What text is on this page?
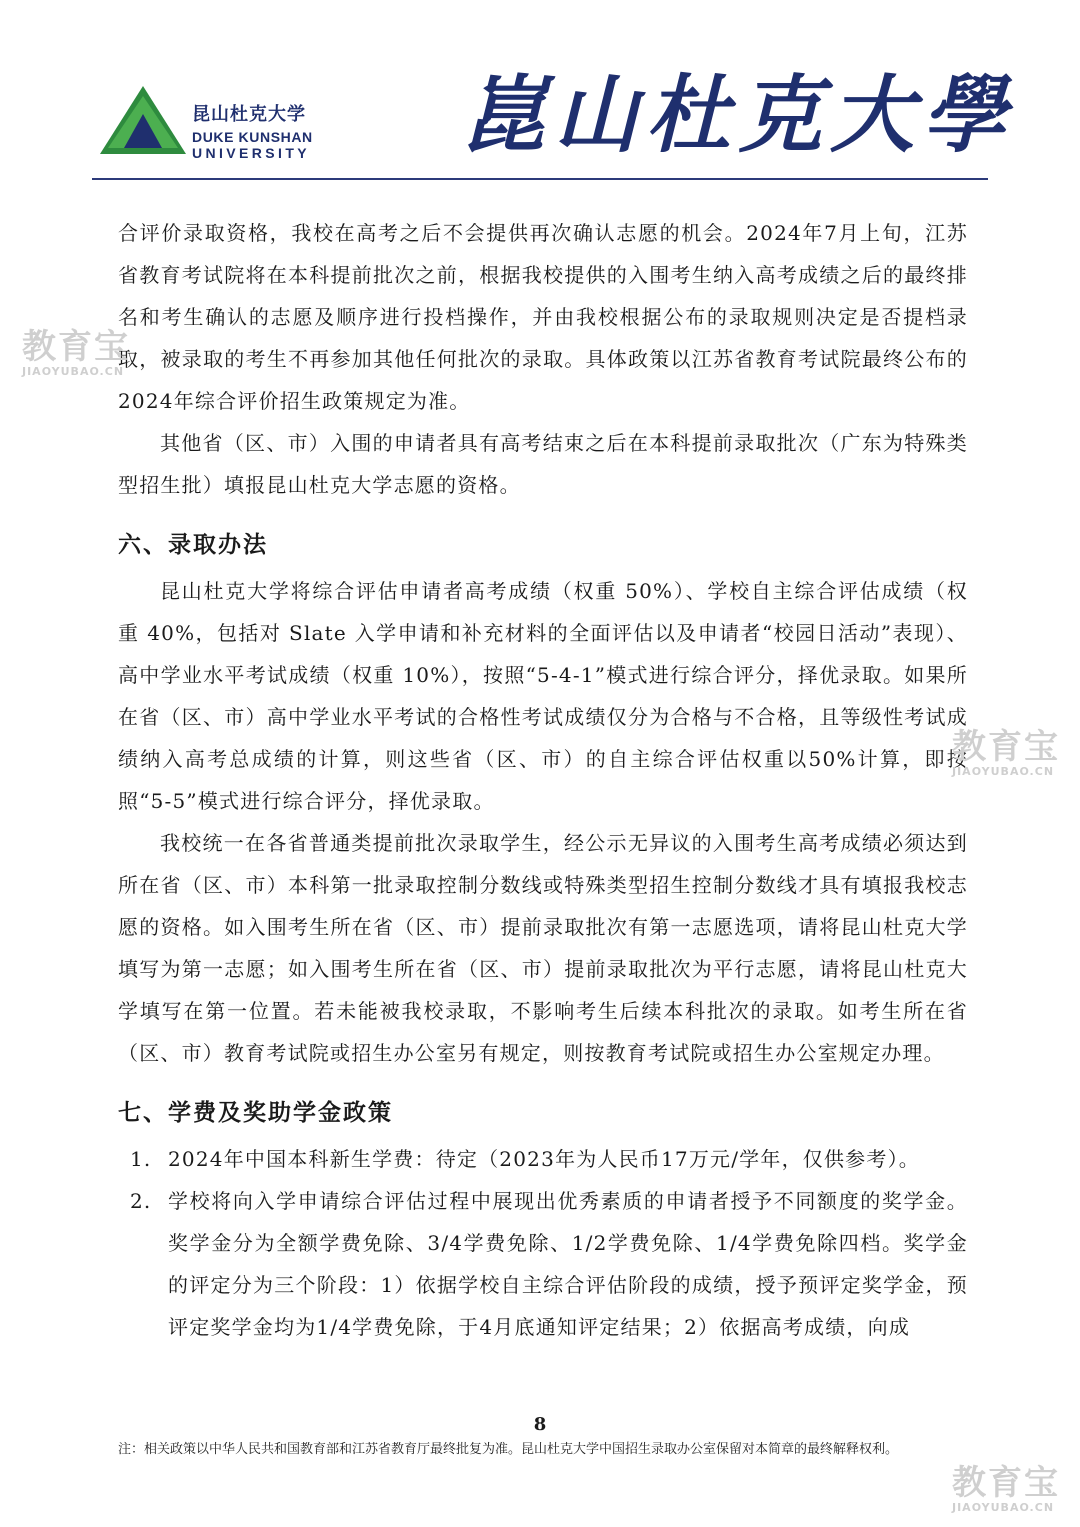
昆山杜克大学
DUKE KUNSHAN
UNIVERSITY 崑山杜克大學

合评价录取资格，我校在高考之后不会提供再次确认志愿的机会。2024年7月上旬，江苏省教育考试院将在本科提前批次之前，根据我校提供的入围考生纳入高考成绩之后的最终排名和考生确认的志愿及顺序进行投档操作，并由我校根据公布的录取规则决定是否提档录取，被录取的考生不再参加其他任何批次的录取。具体政策以江苏省教育考试院最终公布的2024年综合评价招生政策规定为准。

其他省（区、市）入围的申请者具有高考结束之后在本科提前录取批次（广东为特殊类型招生批）填报昆山杜克大学志愿的资格。

六、录取办法

昆山杜克大学将综合评估申请者高考成绩（权重 50%）、学校自主综合评估成绩（权重 40%，包括对 Slate 入学申请和补充材料的全面评估以及申请者“校园日活动”表现）、高中学业水平考试成绩（权重 10%），按照“5-4-1”模式进行综合评分，择优录取。如果所在省（区、市）高中学业水平考试的合格性考试成绩仅分为合格与不合格，且等级性考试成绩纳入高考总成绩的计算，则这些省（区、市）的自主综合评估权重以50%计算，即按照“5-5”模式进行综合评分，择优录取。

我校统一在各省普通类提前批次录取学生，经公示无异议的入围考生高考成绩必须达到所在省（区、市）本科第一批录取控制分数线或特殊类型招生控制分数线才具有填报我校志愿的资格。如入围考生所在省（区、市）提前录取批次有第一志愿选项，请将昆山杜克大学填写为第一志愿；如入围考生所在省（区、市）提前录取批次为平行志愿，请将昆山杜克大学填写在第一位置。若未能被我校录取，不影响考生后续本科批次的录取。如考生所在省（区、市）教育考试院或招生办公室另有规定，则按教育考试院或招生办公室规定办理。

七、学费及奖助学金政策

1. 2024年中国本科新生学费：待定（2023年为人民币17万元/学年，仅供参考）。

2. 学校将向入学申请综合评估过程中展现出优秀素质的申请者授予不同额度的奖学金。奖学金分为全额学费免除、3/4学费免除、1/2学费免除、1/4学费免除四档。奖学金的评定分为三个阶段：1）依据学校自主综合评估阶段的成绩，授予预评定奖学金，预评定奖学金均为1/4学费免除，于4月底通知评定结果；2）依据高考成绩，向成

8
注：相关政策以中华人民共和国教育部和江苏省教育厅最终批复为准。昆山杜克大学中国招生录取办公室保留对本简章的最终解释权利。
教育宝
JIAOYUBAO.CN
教育宝
JIAOYUBAO.CN
教育宝
JIAOYUBAO.CN
